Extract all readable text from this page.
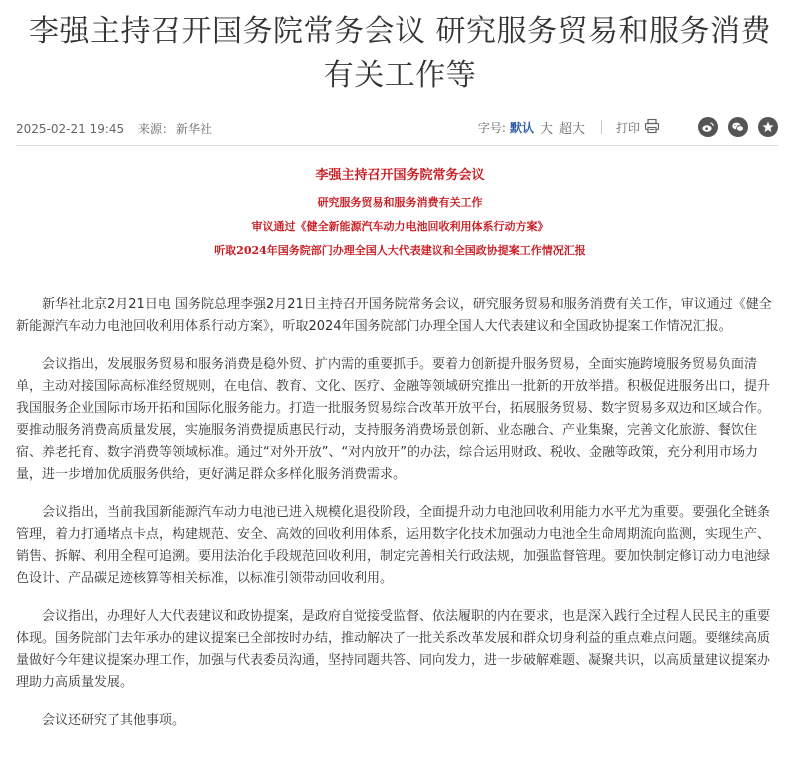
李强主持召开国务院常务会议 研究服务贸易和服务消费有关工作等
2025-02-21 19:45 来源： 新华社	字号: 默认 大 超大	打印
李强主持召开国务院常务会议
研究服务贸易和服务消费有关工作
审议通过《健全新能源汽车动力电池回收利用体系行动方案》
听取2024年国务院部门办理全国人大代表建议和全国政协提案工作情况汇报

新华社北京2月21日电 国务院总理李强2月21日主持召开国务院常务会议，研究服务贸易和服务消费有关工作，审议通过《健全新能源汽车动力电池回收利用体系行动方案》，听取2024年国务院部门办理全国人大代表建议和全国政协提案工作情况汇报。

会议指出，发展服务贸易和服务消费是稳外贸、扩内需的重要抓手。要着力创新提升服务贸易，全面实施跨境服务贸易负面清单，主动对接国际高标准经贸规则，在电信、教育、文化、医疗、金融等领域研究推出一批新的开放举措。积极促进服务出口，提升我国服务企业国际市场开拓和国际化服务能力。打造一批服务贸易综合改革开放平台，拓展服务贸易、数字贸易多双边和区域合作。要推动服务消费高质量发展，实施服务消费提质惠民行动，支持服务消费场景创新、业态融合、产业集聚，完善文化旅游、餐饮住宿、养老托育、数字消费等领域标准。通过“对外开放”、“对内放开”的办法，综合运用财政、税收、金融等政策，充分利用市场力量，进一步增加优质服务供给，更好满足群众多样化服务消费需求。

会议指出，当前我国新能源汽车动力电池已进入规模化退役阶段，全面提升动力电池回收利用能力水平尤为重要。要强化全链条管理，着力打通堵点卡点，构建规范、安全、高效的回收利用体系，运用数字化技术加强动力电池全生命周期流向监测，实现生产、销售、拆解、利用全程可追溯。要用法治化手段规范回收利用，制定完善相关行政法规，加强监督管理。要加快制定修订动力电池绿色设计、产品碳足迹核算等相关标准，以标准引领带动回收利用。

会议指出，办理好人大代表建议和政协提案，是政府自觉接受监督、依法履职的内在要求，也是深入践行全过程人民民主的重要体现。国务院部门去年承办的建议提案已全部按时办结，推动解决了一批关系改革发展和群众切身利益的重点难点问题。要继续高质量做好今年建议提案办理工作，加强与代表委员沟通，坚持同题共答、同向发力，进一步破解难题、凝聚共识，以高质量建议提案办理助力高质量发展。

会议还研究了其他事项。
